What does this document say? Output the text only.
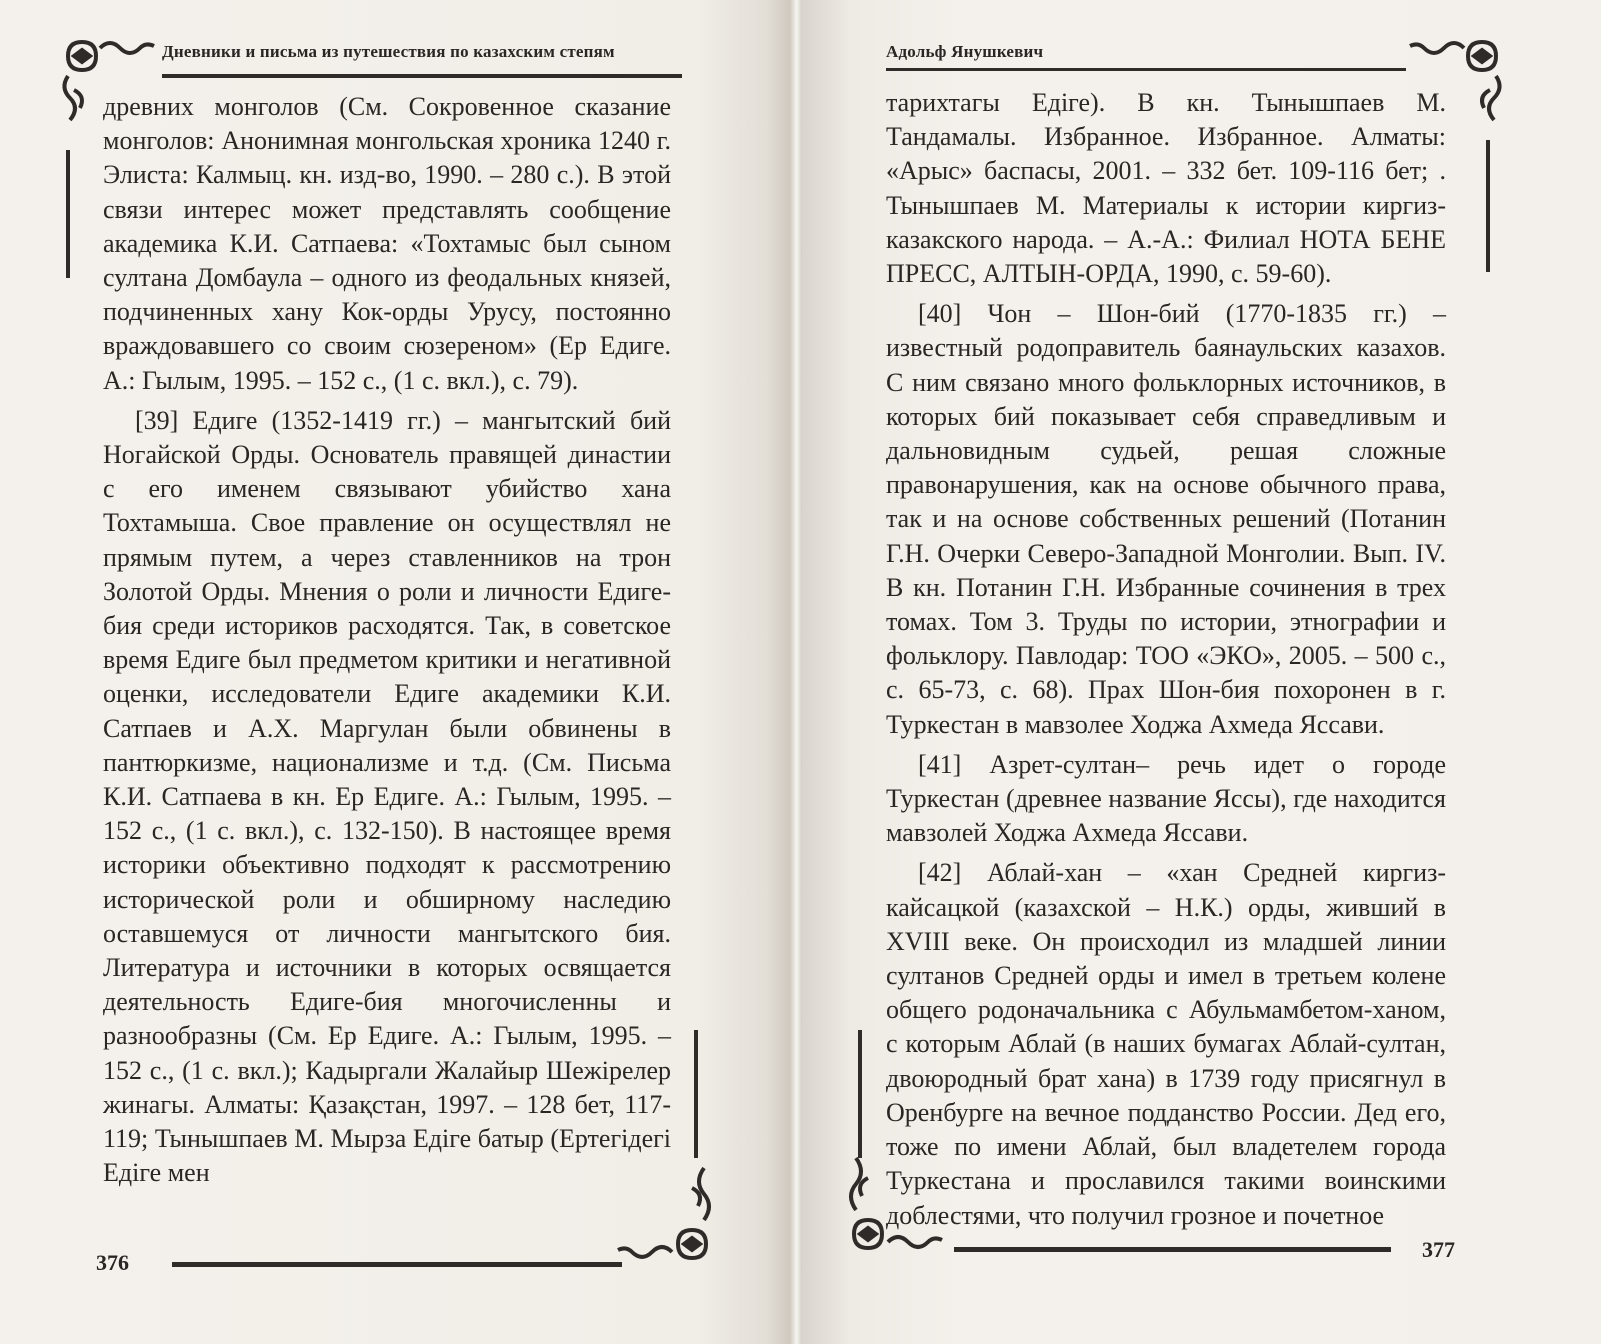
Дневники и письма из путешествия по казахским степям

древних монголов (См. Сокровенное сказание монголов: Анонимная монгольская хроника 1240 г. Элиста: Калмыц. кн. изд-во, 1990. – 280 с.). В этой связи интерес может представлять сообщение академика К.И. Сатпаева: «Тохтамыс был сыном султана Домбаула – одного из феодальных князей, подчиненных хану Кок-орды Урусу, постоянно враждовавшего со своим сюзереном» (Ер Едиге. А.: Гылым, 1995. – 152 с., (1 с. вкл.), с. 79).

[39] Едиге (1352-1419 гг.) – мангытский бий Ногайской Орды. Основатель правящей династии с его именем связывают убийство хана Тохтамыша. Свое правление он осуществлял не прямым путем, а через ставленников на трон Золотой Орды. Мнения о роли и личности Едиге-бия среди историков расходятся. Так, в советское время Едиге был предметом критики и негативной оценки, исследователи Едиге академики К.И. Сатпаев и А.Х. Маргулан были обвинены в пантюркизме, национализме и т.д. (См. Письма К.И. Сатпаева в кн. Ер Едиге. А.: Гылым, 1995. – 152 с., (1 с. вкл.), с. 132-150). В настоящее время историки объективно подходят к рассмотрению исторической роли и обширному наследию оставшемуся от личности мангытского бия. Литература и источники в которых освящается деятельность Едиге-бия многочисленны и разнообразны (См. Ер Едиге. А.: Гылым, 1995. – 152 с., (1 с. вкл.); Кадыргали Жалайыр Шежiрелер жинагы. Алматы: Қазақстан, 1997. – 128 бет, 117-119; Тынышпаев М. Мырза Едiге батыр (Ертегiдегi Едiге мен

376
Адольф Янушкевич

тарихтагы Едiге). В кн. Тынышпаев М. Тандамалы. Избранное. Избранное. Алматы: «Арыс» баспасы, 2001. – 332 бет. 109-116 бет; . Тынышпаев М. Материалы к истории киргиз-казакского народа. – А.-А.: Филиал НОТА БЕНЕ ПРЕСС, АЛТЫН-ОРДА, 1990, с. 59-60).

[40] Чон – Шон-бий (1770-1835 гг.) – известный родоправитель баянаульских казахов. С ним связано много фольклорных источников, в которых бий показывает себя справедливым и дальновидным судьей, решая сложные правонарушения, как на основе обычного права, так и на основе собственных решений (Потанин Г.Н. Очерки Северо-Западной Монголии. Вып. IV. В кн. Потанин Г.Н. Избранные сочинения в трех томах. Том 3. Труды по истории, этнографии и фольклору. Павлодар: ТОО «ЭКО», 2005. – 500 с., с. 65-73, с. 68). Прах Шон-бия похоронен в г. Туркестан в мавзолее Ходжа Ахмеда Яссави.

[41] Азрет-султан– речь идет о городе Туркестан (древнее название Яссы), где находится мавзолей Ходжа Ахмеда Яссави.

[42] Аблай-хан – «хан Средней киргиз-кайсацкой (казахской – Н.К.) орды, живший в XVIII веке. Он происходил из младшей линии султанов Средней орды и имел в третьем колене общего родоначальника с Абульмамбетом-ханом, с которым Аблай (в наших бумагах Аблай-султан, двоюродный брат хана) в 1739 году присягнул в Оренбурге на вечное подданство России. Дед его, тоже по имени Аблай, был владетелем города Туркестана и прославился такими воинскими доблестями, что получил грозное и почетное

377
